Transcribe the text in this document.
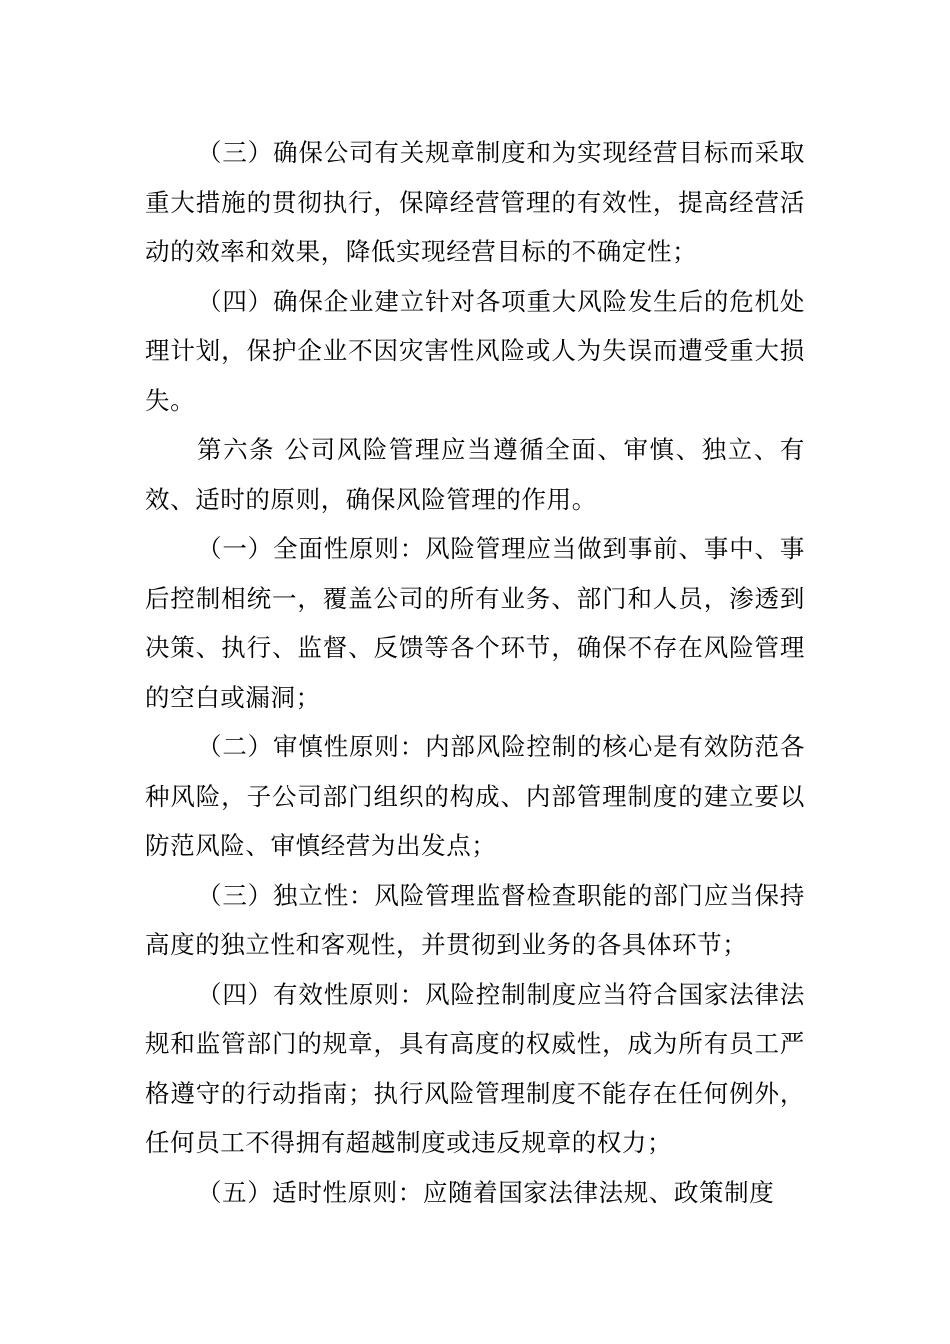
（三）确保公司有关规章制度和为实现经营目标而采取重大措施的贯彻执行，保障经营管理的有效性，提高经营活动的效率和效果，降低实现经营目标的不确定性；

（四）确保企业建立针对各项重大风险发生后的危机处理计划，保护企业不因灾害性风险或人为失误而遭受重大损失。

第六条 公司风险管理应当遵循全面、审慎、独立、有效、适时的原则，确保风险管理的作用。

（一）全面性原则：风险管理应当做到事前、事中、事后控制相统一，覆盖公司的所有业务、部门和人员，渗透到决策、执行、监督、反馈等各个环节，确保不存在风险管理的空白或漏洞；

（二）审慎性原则：内部风险控制的核心是有效防范各种风险，子公司部门组织的构成、内部管理制度的建立要以防范风险、审慎经营为出发点；

（三）独立性：风险管理监督检查职能的部门应当保持高度的独立性和客观性，并贯彻到业务的各具体环节；

（四）有效性原则：风险控制制度应当符合国家法律法规和监管部门的规章，具有高度的权威性，成为所有员工严格遵守的行动指南；执行风险管理制度不能存在任何例外，任何员工不得拥有超越制度或违反规章的权力；

（五）适时性原则：应随着国家法律法规、政策制度
